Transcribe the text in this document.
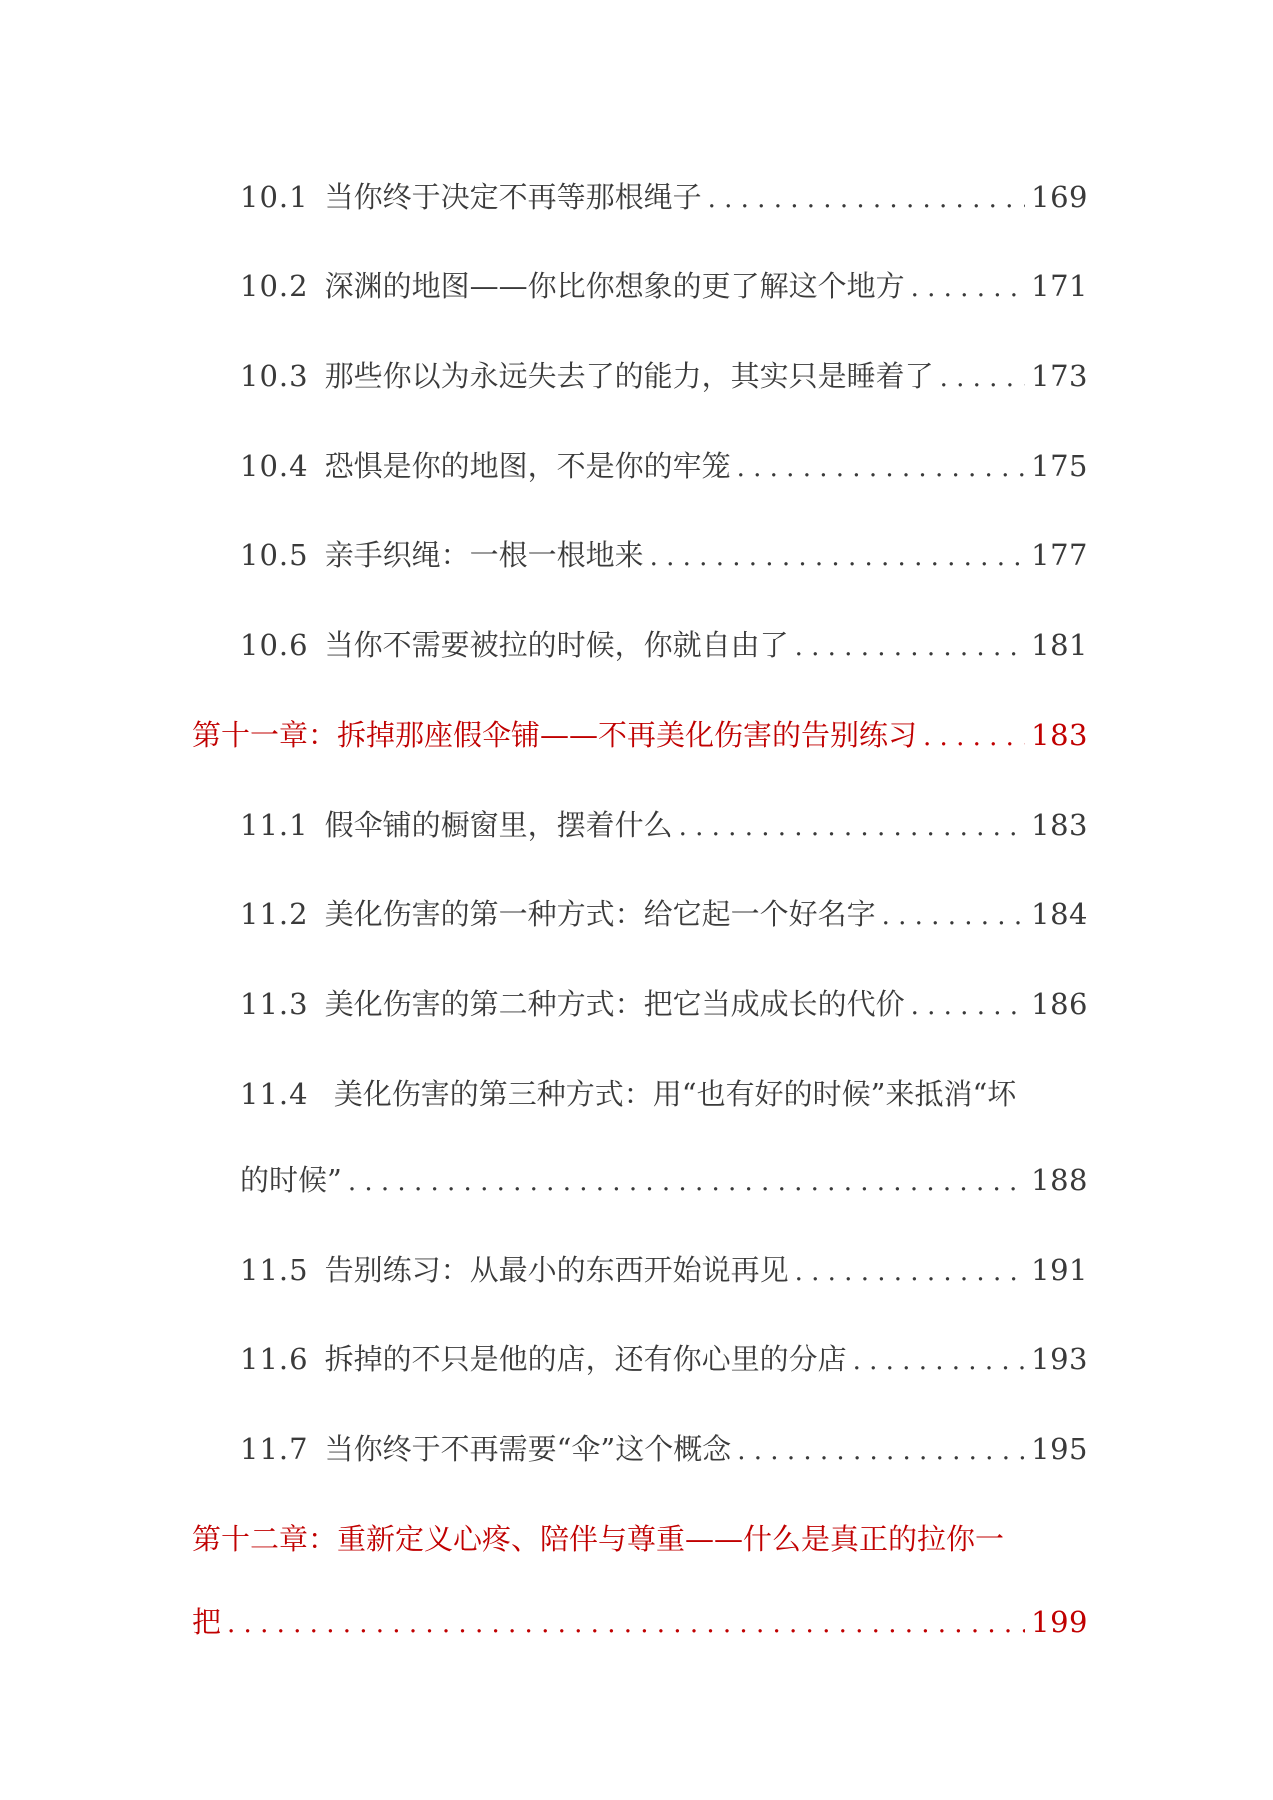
10.1 当你终于决定不再等那根绳子 . . .	169
10.2 深渊的地图——你比你想象的更了解这个地方 . . .	171
10.3 那些你以为永远失去了的能力，其实只是睡着了 . . .	173
10.4 恐惧是你的地图，不是你的牢笼 . . .	175
10.5 亲手织绳：一根一根地来 . . .	177
10.6 当你不需要被拉的时候，你就自由了 . . .	181
第十一章：拆掉那座假伞铺——不再美化伤害的告别练习 . . .	183
11.1 假伞铺的橱窗里，摆着什么 . . .	183
11.2 美化伤害的第一种方式：给它起一个好名字 . . .	184
11.3 美化伤害的第二种方式：把它当成成长的代价 . . .	186
11.4 美化伤害的第三种方式：用“也有好的时候”来抵消“坏
的时候” . . .	188
11.5 告别练习：从最小的东西开始说再见 . . .	191
11.6 拆掉的不只是他的店，还有你心里的分店 . . .	193
11.7 当你终于不再需要“伞”这个概念 . . .	195
第十二章：重新定义心疼、陪伴与尊重——什么是真正的拉你一
把 . . .	199
